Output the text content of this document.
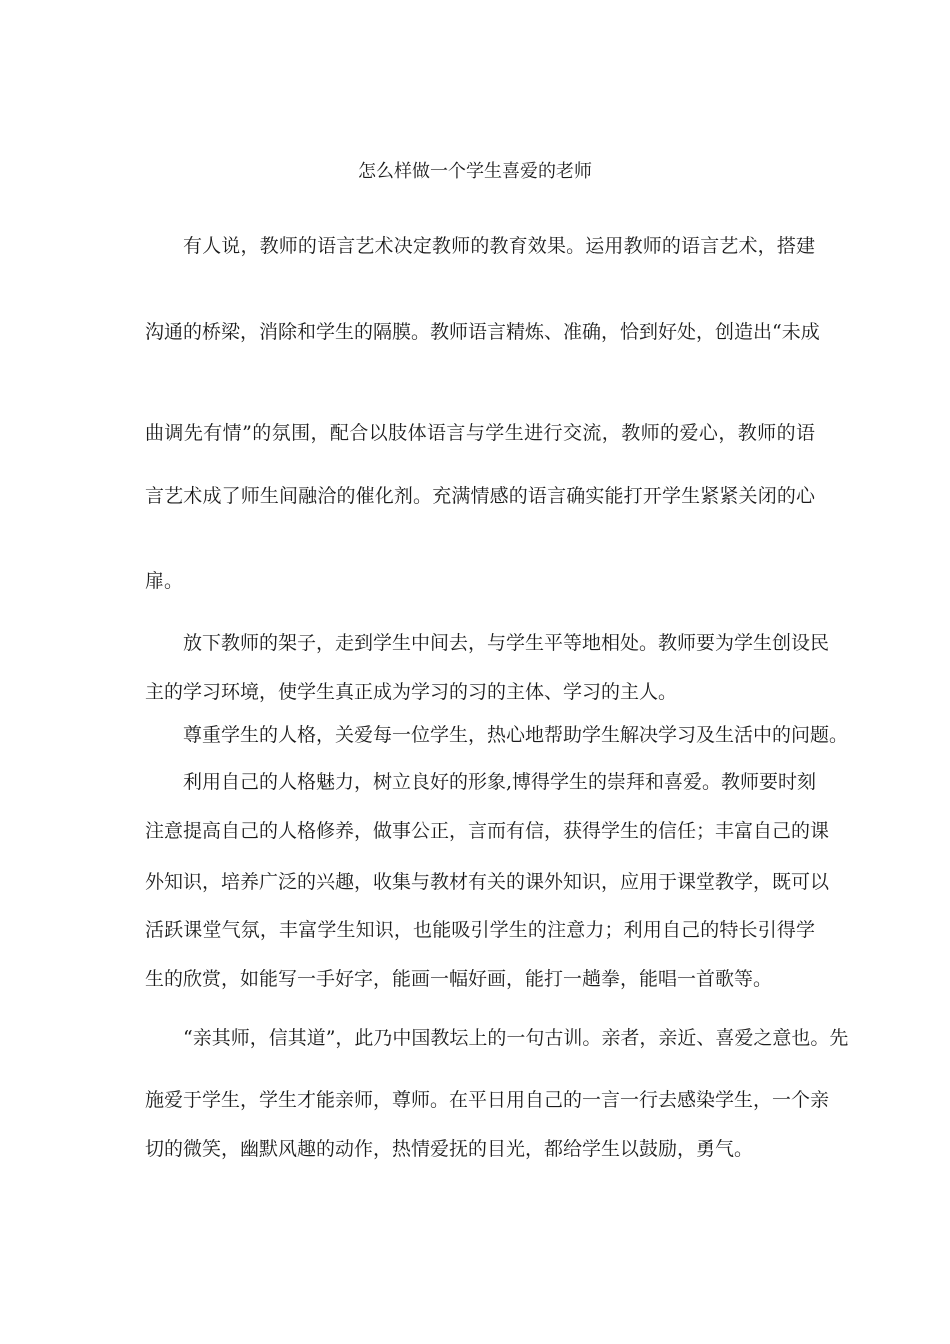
怎么样做一个学生喜爱的老师
有人说，教师的语言艺术决定教师的教育效果。运用教师的语言艺术，搭建
沟通的桥梁，消除和学生的隔膜。教师语言精炼、准确，恰到好处，创造出“未成
曲调先有情”的氛围，配合以肢体语言与学生进行交流，教师的爱心，教师的语
言艺术成了师生间融洽的催化剂。充满情感的语言确实能打开学生紧紧关闭的心
扉。
放下教师的架子，走到学生中间去，与学生平等地相处。教师要为学生创设民
主的学习环境，使学生真正成为学习的习的主体、学习的主人。
尊重学生的人格，关爱每一位学生，热心地帮助学生解决学习及生活中的问题。
利用自己的人格魅力，树立良好的形象,博得学生的崇拜和喜爱。教师要时刻
注意提高自己的人格修养，做事公正，言而有信，获得学生的信任；丰富自己的课
外知识，培养广泛的兴趣，收集与教材有关的课外知识，应用于课堂教学，既可以
活跃课堂气氛，丰富学生知识，也能吸引学生的注意力；利用自己的特长引得学
生的欣赏，如能写一手好字，能画一幅好画，能打一趟拳，能唱一首歌等。
“亲其师，信其道”，此乃中国教坛上的一句古训。亲者，亲近、喜爱之意也。先
施爱于学生，学生才能亲师，尊师。在平日用自己的一言一行去感染学生，一个亲
切的微笑，幽默风趣的动作，热情爱抚的目光，都给学生以鼓励，勇气。
